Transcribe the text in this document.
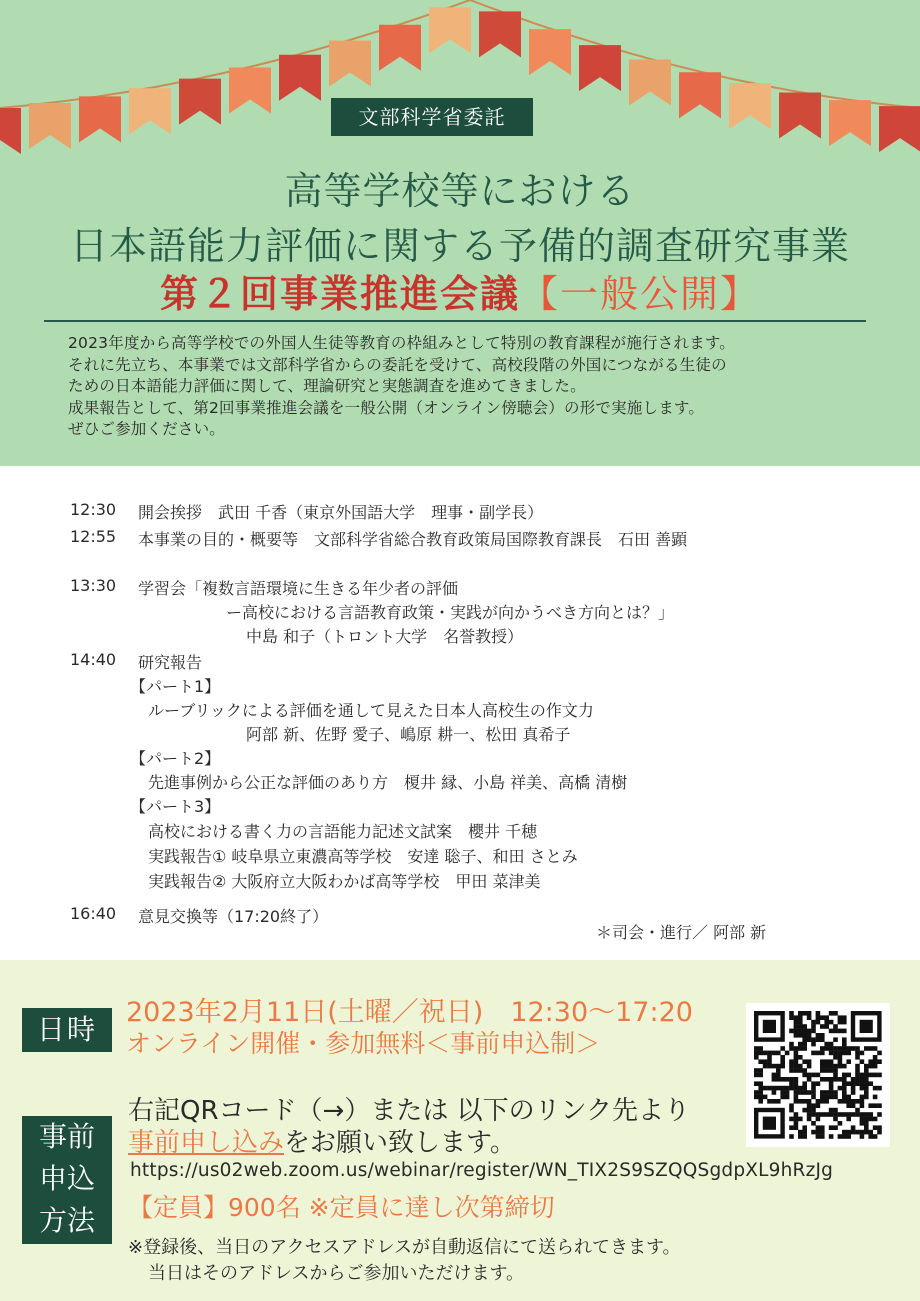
文部科学省委託
高等学校等における
日本語能力評価に関する予備的調査研究事業
第２回事業推進会議【一般公開】

2023年度から高等学校での外国人生徒等教育の枠組みとして特別の教育課程が施行されます。

それに先立ち、本事業では文部科学省からの委託を受けて、高校段階の外国につながる生徒の

ための日本語能力評価に関して、理論研究と実態調査を進めてきました。

成果報告として、第2回事業推進会議を一般公開（オンライン傍聴会）の形で実施します。

ぜひご参加ください。

12:30 開会挨拶　武田 千香（東京外国語大学　理事・副学長）
12:55 本事業の目的・概要等　文部科学省総合教育政策局国際教育課長　石田 善顕
13:30 学習会「複数言語環境に生きる年少者の評価
ー高校における言語教育政策・実践が向かうべき方向とは？」
中島 和子（トロント大学　名誉教授）
14:40 研究報告
【パート1】
ルーブリックによる評価を通して見えた日本人高校生の作文力
阿部 新、佐野 愛子、嶋原 耕一、松田 真希子
【パート2】
先進事例から公正な評価のあり方　榎井 縁、小島 祥美、高橋 清樹
【パート3】
高校における書く力の言語能力記述文試案　櫻井 千穂
実践報告① 岐阜県立東濃高等学校　安達 聡子、和田 さとみ
実践報告② 大阪府立大阪わかば高等学校　甲田 菜津美
16:40 意見交換等（17:20終了）
＊司会・進行／ 阿部 新
日時
2023年2月11日(土曜／祝日)　12:30〜17:20
オンライン開催・参加無料＜事前申込制＞
事前
申込
方法
右記QRコード（→）または 以下のリンク先より
事前申し込みをお願い致します。
https://us02web.zoom.us/webinar/register/WN_TIX2S9SZQQSgdpXL9hRzJg
【定員】900名 ※定員に達し次第締切
※登録後、当日のアクセスアドレスが自動返信にて送られてきます。
当日はそのアドレスからご参加いただけます。
